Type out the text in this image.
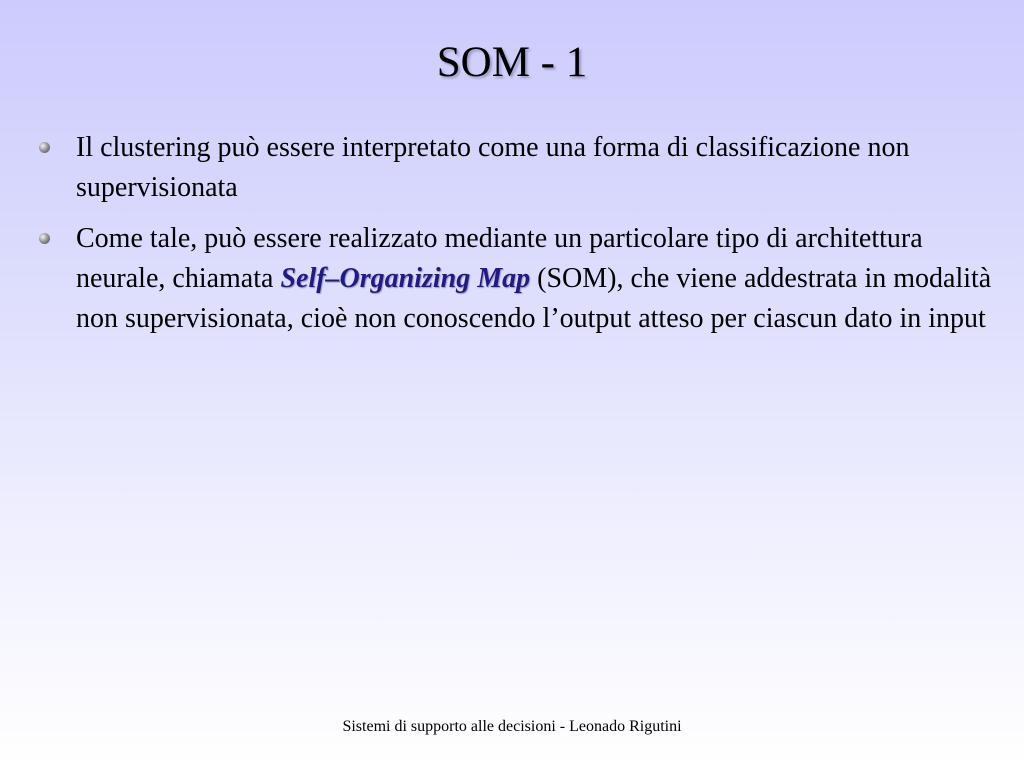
SOM - 1
Il clustering può essere interpretato come una forma di classificazione non supervisionata
Come tale, può essere realizzato mediante un particolare tipo di architettura neurale, chiamata Self–Organizing Map (SOM), che viene addestrata in modalità non supervisionata, cioè non conoscendo l’output atteso per ciascun dato in input
Sistemi di supporto alle decisioni - Leonado Rigutini
